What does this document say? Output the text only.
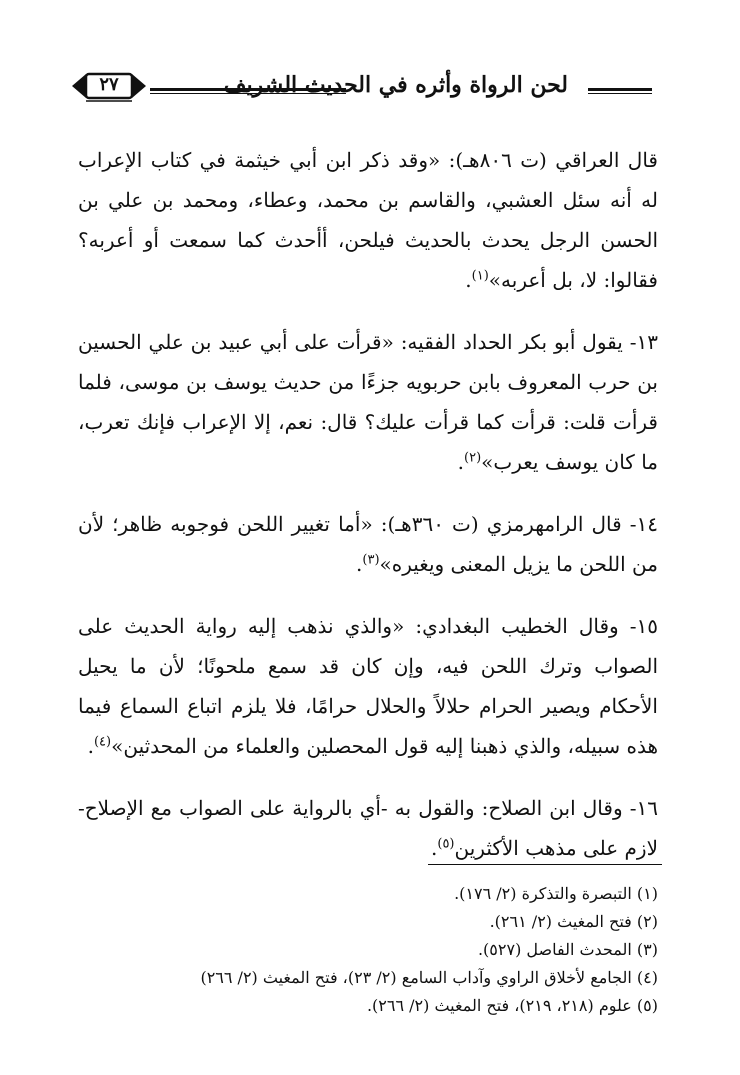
لحن الرواة وأثره في الحديث الشريف
٢٧

قال العراقي (ت ٨٠٦هـ): «وقد ذكر ابن أبي خيثمة في كتاب الإعراب له أنه سئل العشبي، والقاسم بن محمد، وعطاء، ومحمد بن علي بن الحسن الرجل يحدث بالحديث فيلحن، أأحدث كما سمعت أو أعربه؟ فقالوا: لا، بل أعربه»$^{(١)}$.

١٣- يقول أبو بكر الحداد الفقيه: «قرأت على أبي عبيد بن علي الحسين بن حرب المعروف بابن حربويه جزءًا من حديث يوسف بن موسى، فلما قرأت قلت: قرأت كما قرأت عليك؟ قال: نعم، إلا الإعراب فإنك تعرب، ما كان يوسف يعرب»$^{(٢)}$.

١٤- قال الرامهرمزي (ت ٣٦٠هـ): «أما تغيير اللحن فوجوبه ظاهر؛ لأن من اللحن ما يزيل المعنى ويغيره»$^{(٣)}$.

١٥- وقال الخطيب البغدادي: «والذي نذهب إليه رواية الحديث على الصواب وترك اللحن فيه، وإن كان قد سمع ملحونًا؛ لأن ما يحيل الأحكام ويصير الحرام حلالاً والحلال حرامًا، فلا يلزم اتباع السماع فيما هذه سبيله، والذي ذهبنا إليه قول المحصلين والعلماء من المحدثين»$^{(٤)}$.

١٦- وقال ابن الصلاح: والقول به -أي بالرواية على الصواب مع الإصلاح- لازم على مذهب الأكثرين$^{(٥)}$.

(١) التبصرة والتذكرة (٢/ ١٧٦).

(٢) فتح المغيث (٢/ ٢٦١).

(٣) المحدث الفاصل (٥٢٧).

(٤) الجامع لأخلاق الراوي وآداب السامع (٢/ ٢٣)، فتح المغيث (٢/ ٢٦٦)

(٥) علوم (٢١٨، ٢١٩)، فتح المغيث (٢/ ٢٦٦).
